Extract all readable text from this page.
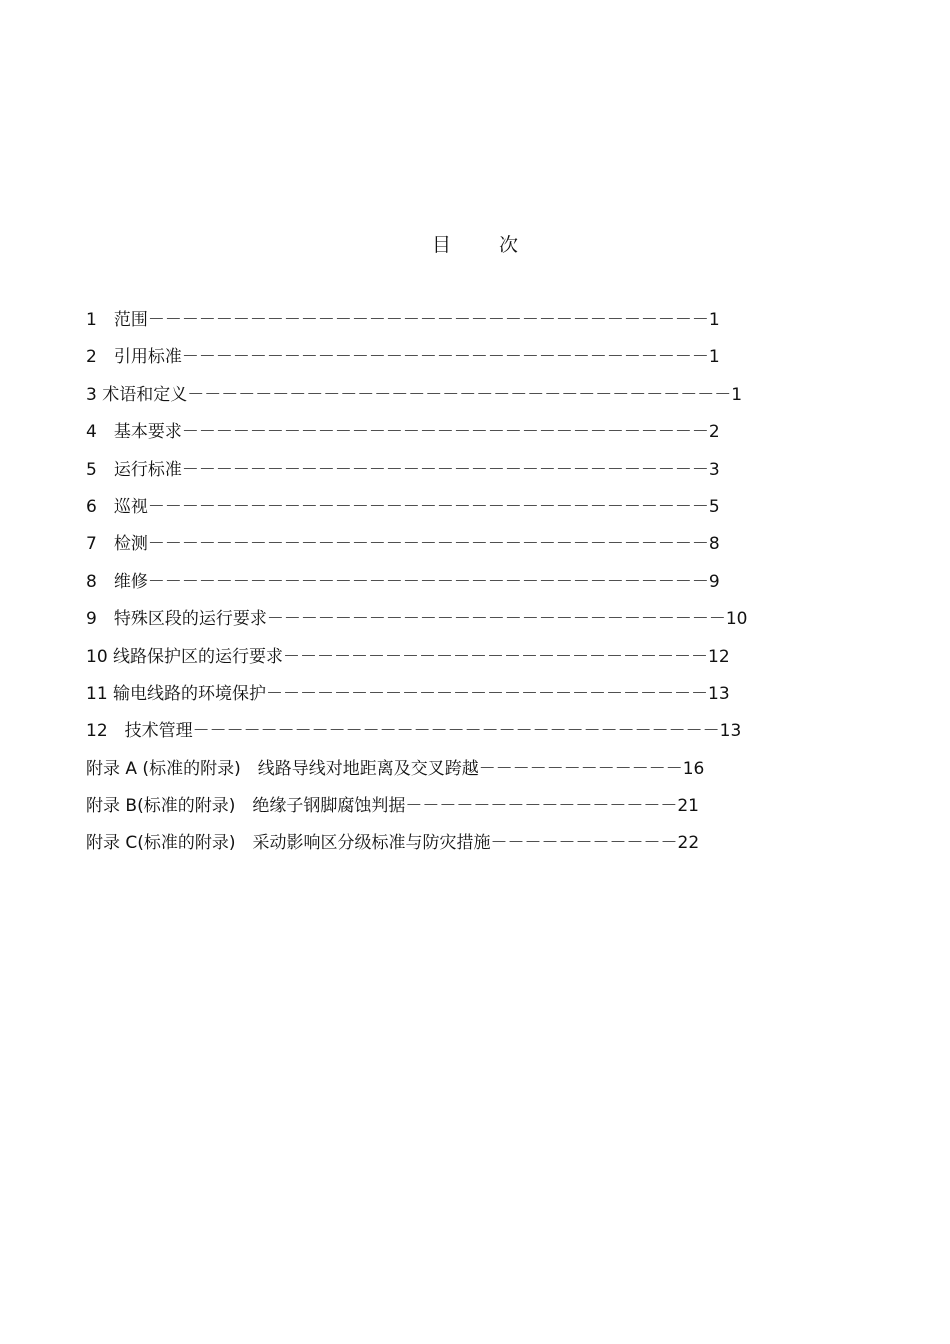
目	次
1　范围－－－－－－－－－－－－－－－－－－－－－－－－－－－－－－－－－1
2　引用标准－－－－－－－－－－－－－－－－－－－－－－－－－－－－－－－1
3 术语和定义－－－－－－－－－－－－－－－－－－－－－－－－－－－－－－－－1
4　基本要求－－－－－－－－－－－－－－－－－－－－－－－－－－－－－－－2
5　运行标准－－－－－－－－－－－－－－－－－－－－－－－－－－－－－－－3
6　巡视－－－－－－－－－－－－－－－－－－－－－－－－－－－－－－－－－5
7　检测－－－－－－－－－－－－－－－－－－－－－－－－－－－－－－－－－8
8　维修－－－－－－－－－－－－－－－－－－－－－－－－－－－－－－－－－9
9　特殊区段的运行要求－－－－－－－－－－－－－－－－－－－－－－－－－－－10
10 线路保护区的运行要求－－－－－－－－－－－－－－－－－－－－－－－－－12
11 输电线路的环境保护－－－－－－－－－－－－－－－－－－－－－－－－－－13
12　技术管理－－－－－－－－－－－－－－－－－－－－－－－－－－－－－－－13
附录 A (标准的附录)　线路导线对地距离及交叉跨越－－－－－－－－－－－－16
附录 B(标准的附录)　绝缘子钢脚腐蚀判据－－－－－－－－－－－－－－－－21
附录 C(标准的附录)　采动影响区分级标准与防灾措施－－－－－－－－－－－22
